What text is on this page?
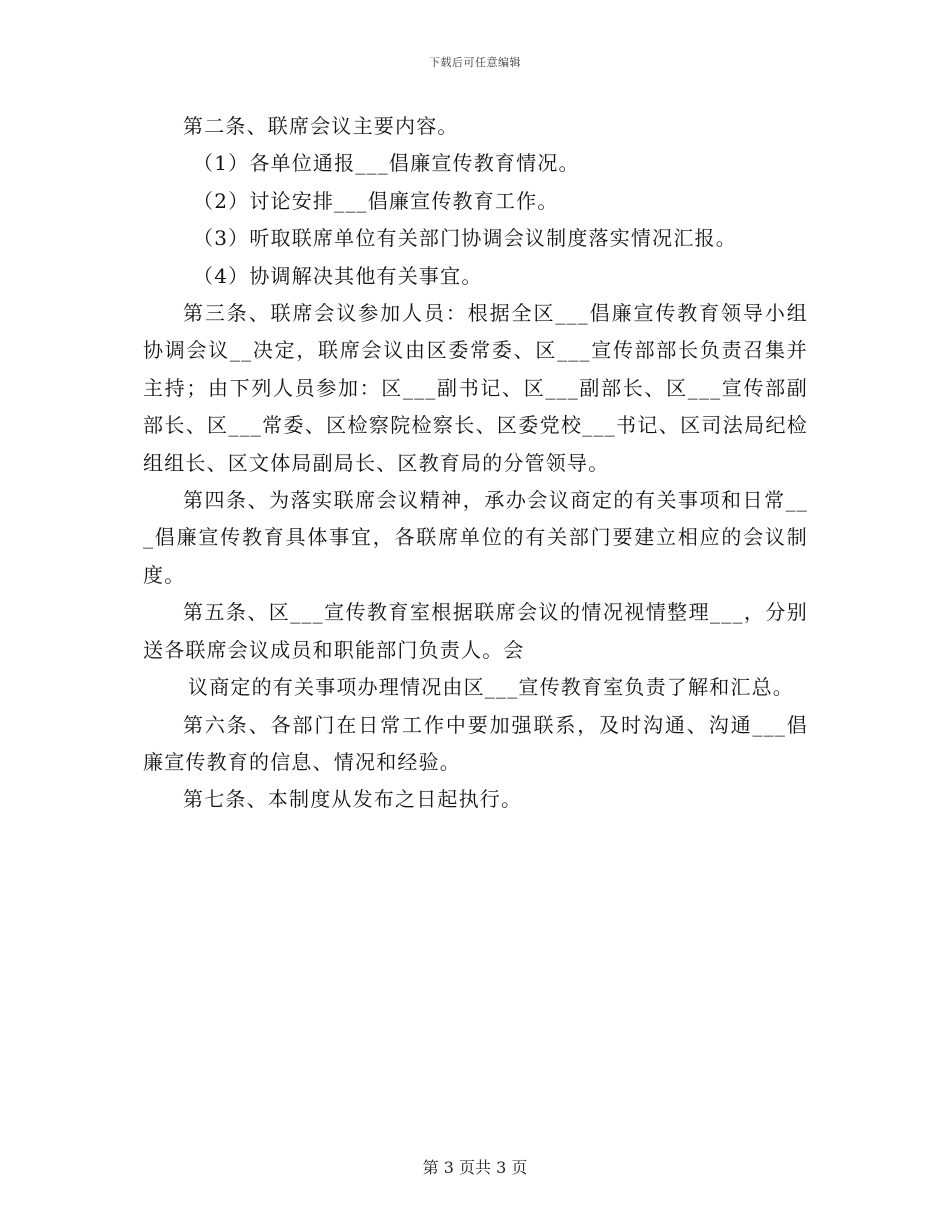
下载后可任意编辑

第二条、联席会议主要内容。

（1）各单位通报___倡廉宣传教育情况。

（2）讨论安排___倡廉宣传教育工作。

（3）听取联席单位有关部门协调会议制度落实情况汇报。

（4）协调解决其他有关事宜。

第三条、联席会议参加人员：根据全区___倡廉宣传教育领导小组协调会议__决定，联席会议由区委常委、区___宣传部部长负责召集并主持；由下列人员参加：区___副书记、区___副部长、区___宣传部副部长、区___常委、区检察院检察长、区委党校___书记、区司法局纪检组组长、区文体局副局长、区教育局的分管领导。

第四条、为落实联席会议精神，承办会议商定的有关事项和日常___倡廉宣传教育具体事宜，各联席单位的有关部门要建立相应的会议制度。

第五条、区___宣传教育室根据联席会议的情况视情整理___，分别送各联席会议成员和职能部门负责人。会

议商定的有关事项办理情况由区___宣传教育室负责了解和汇总。

第六条、各部门在日常工作中要加强联系，及时沟通、沟通___倡廉宣传教育的信息、情况和经验。

第七条、本制度从发布之日起执行。

第 3 页共 3 页
